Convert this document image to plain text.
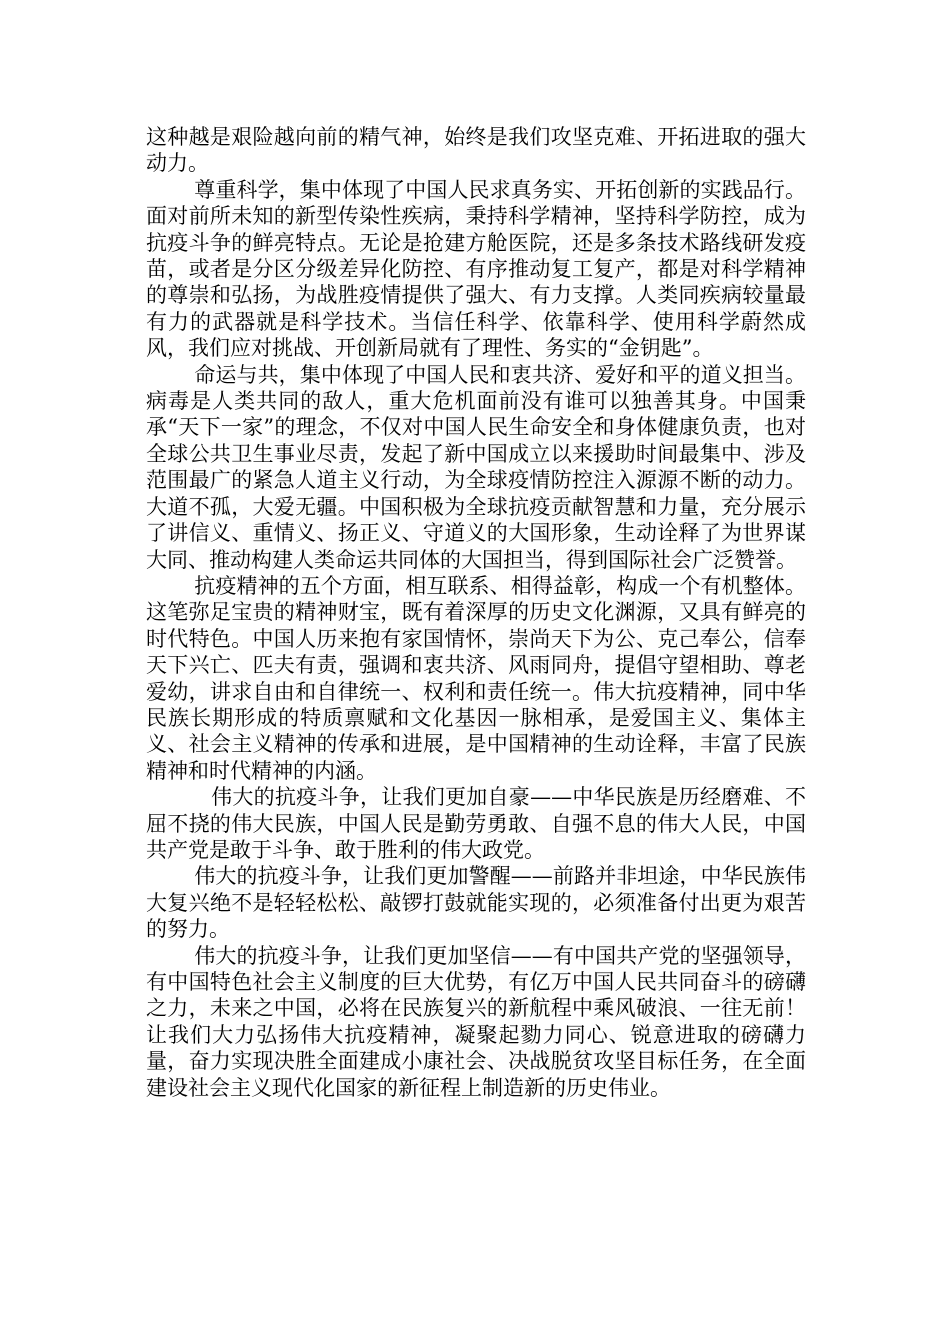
这种越是艰险越向前的精气神，始终是我们攻坚克难、开拓进取的强大动力。

尊重科学，集中体现了中国人民求真务实、开拓创新的实践品行。面对前所未知的新型传染性疾病，秉持科学精神，坚持科学防控，成为抗疫斗争的鲜亮特点。无论是抢建方舱医院，还是多条技术路线研发疫苗，或者是分区分级差异化防控、有序推动复工复产，都是对科学精神的尊崇和弘扬，为战胜疫情提供了强大、有力支撑。人类同疾病较量最有力的武器就是科学技术。当信任科学、依靠科学、使用科学蔚然成风，我们应对挑战、开创新局就有了理性、务实的“金钥匙”。

命运与共，集中体现了中国人民和衷共济、爱好和平的道义担当。病毒是人类共同的敌人，重大危机面前没有谁可以独善其身。中国秉承“天下一家”的理念，不仅对中国人民生命安全和身体健康负责，也对全球公共卫生事业尽责，发起了新中国成立以来援助时间最集中、涉及范围最广的紧急人道主义行动，为全球疫情防控注入源源不断的动力。大道不孤，大爱无疆。中国积极为全球抗疫贡献智慧和力量，充分展示了讲信义、重情义、扬正义、守道义的大国形象，生动诠释了为世界谋大同、推动构建人类命运共同体的大国担当，得到国际社会广泛赞誉。

抗疫精神的五个方面，相互联系、相得益彰，构成一个有机整体。这笔弥足宝贵的精神财宝，既有着深厚的历史文化渊源，又具有鲜亮的时代特色。中国人历来抱有家国情怀，崇尚天下为公、克己奉公，信奉天下兴亡、匹夫有责，强调和衷共济、风雨同舟，提倡守望相助、尊老爱幼，讲求自由和自律统一、权利和责任统一。伟大抗疫精神，同中华民族长期形成的特质禀赋和文化基因一脉相承，是爱国主义、集体主义、社会主义精神的传承和进展，是中国精神的生动诠释，丰富了民族精神和时代精神的内涵。

伟大的抗疫斗争，让我们更加自豪——中华民族是历经磨难、不屈不挠的伟大民族，中国人民是勤劳勇敢、自强不息的伟大人民，中国共产党是敢于斗争、敢于胜利的伟大政党。

伟大的抗疫斗争，让我们更加警醒——前路并非坦途，中华民族伟大复兴绝不是轻轻松松、敲锣打鼓就能实现的，必须准备付出更为艰苦的努力。

伟大的抗疫斗争，让我们更加坚信——有中国共产党的坚强领导，有中国特色社会主义制度的巨大优势，有亿万中国人民共同奋斗的磅礴之力，未来之中国，必将在民族复兴的新航程中乘风破浪、一往无前！　 让我们大力弘扬伟大抗疫精神，凝聚起勠力同心、锐意进取的磅礴力量，奋力实现决胜全面建成小康社会、决战脱贫攻坚目标任务，在全面建设社会主义现代化国家的新征程上制造新的历史伟业。
